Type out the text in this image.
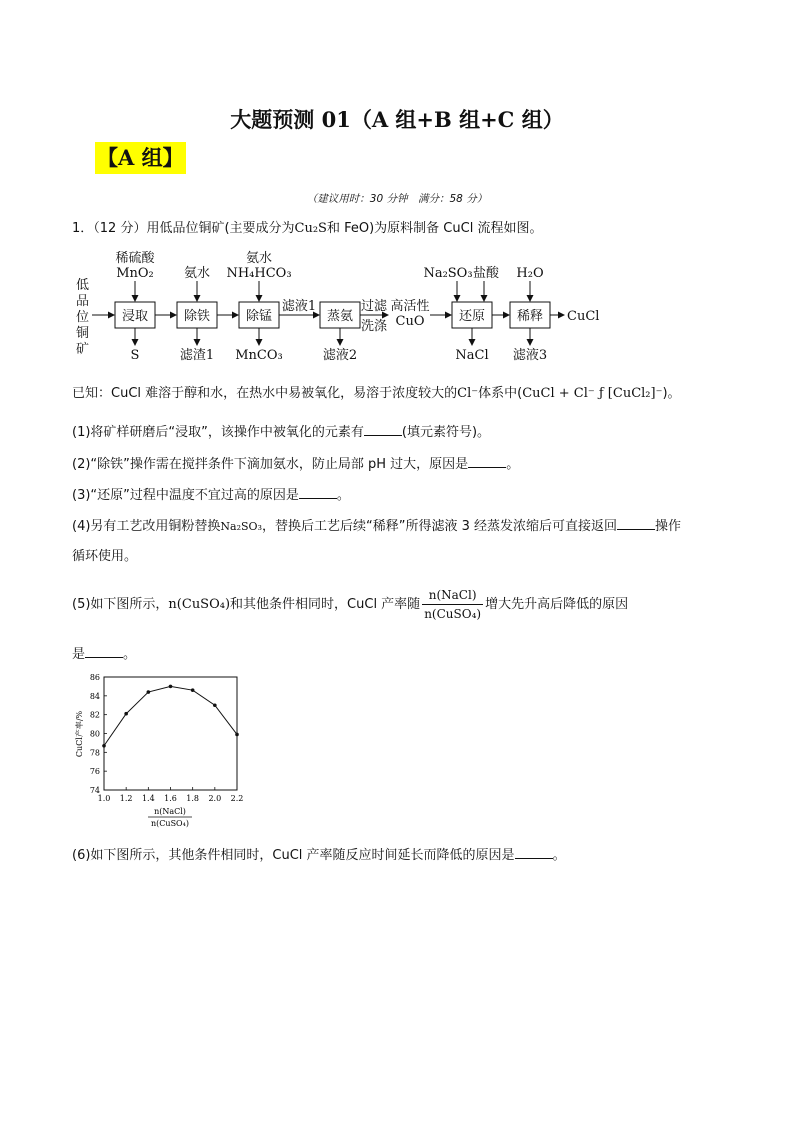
大题预测 01（A 组+B 组+C 组）
【A 组】
（建议用时：30 分钟　满分：58 分）
1．（12 分）用低品位铜矿(主要成分为Cu₂S和 FeO)为原料制备 CuCl 流程如图。
低
品
位
铜
矿
浸取	除铁	除锰	蒸氨	还原 稀释
稀硫酸
MnO₂ 氨水
氨水
NH₄HCO₃	Na₂SO₃ 盐酸 H₂O
S	滤渣1 MnCO₃	滤液2	NaCl 滤液3
滤液1	过滤
洗涤
高活性
CuO	CuCl
已知：CuCl 难溶于醇和水，在热水中易被氧化，易溶于浓度较大的Cl⁻体系中(CuCl + Cl⁻ ƒ [CuCl₂]⁻)。
(1)将矿样研磨后“浸取”，该操作中被氧化的元素有	(填元素符号)。
(2)“除铁”操作需在搅拌条件下滴加氨水，防止局部 pH 过大，原因是	。
(3)“还原”过程中温度不宜过高的原因是	。
(4)另有工艺改用铜粉替换Na₂SO₃，替换后工艺后续“稀释”所得滤液 3 经蒸发浓缩后可直接返回	操作
循环使用。
(5)如下图所示，n(CuSO₄)和其他条件相同时，CuCl 产率随 $\frac{\text{n(NaCl)}}{\text{n(CuSO₄)}}$ 增大先升高后降低的原因
是	。
1.0 1.2 1.4 1.6 1.8 2.0 2.2
74
76
78
80
82
84
86
CuCl产率/%
n(NaCl)
n(CuSO₄)
(6)如下图所示，其他条件相同时，CuCl 产率随反应时间延长而降低的原因是	。
